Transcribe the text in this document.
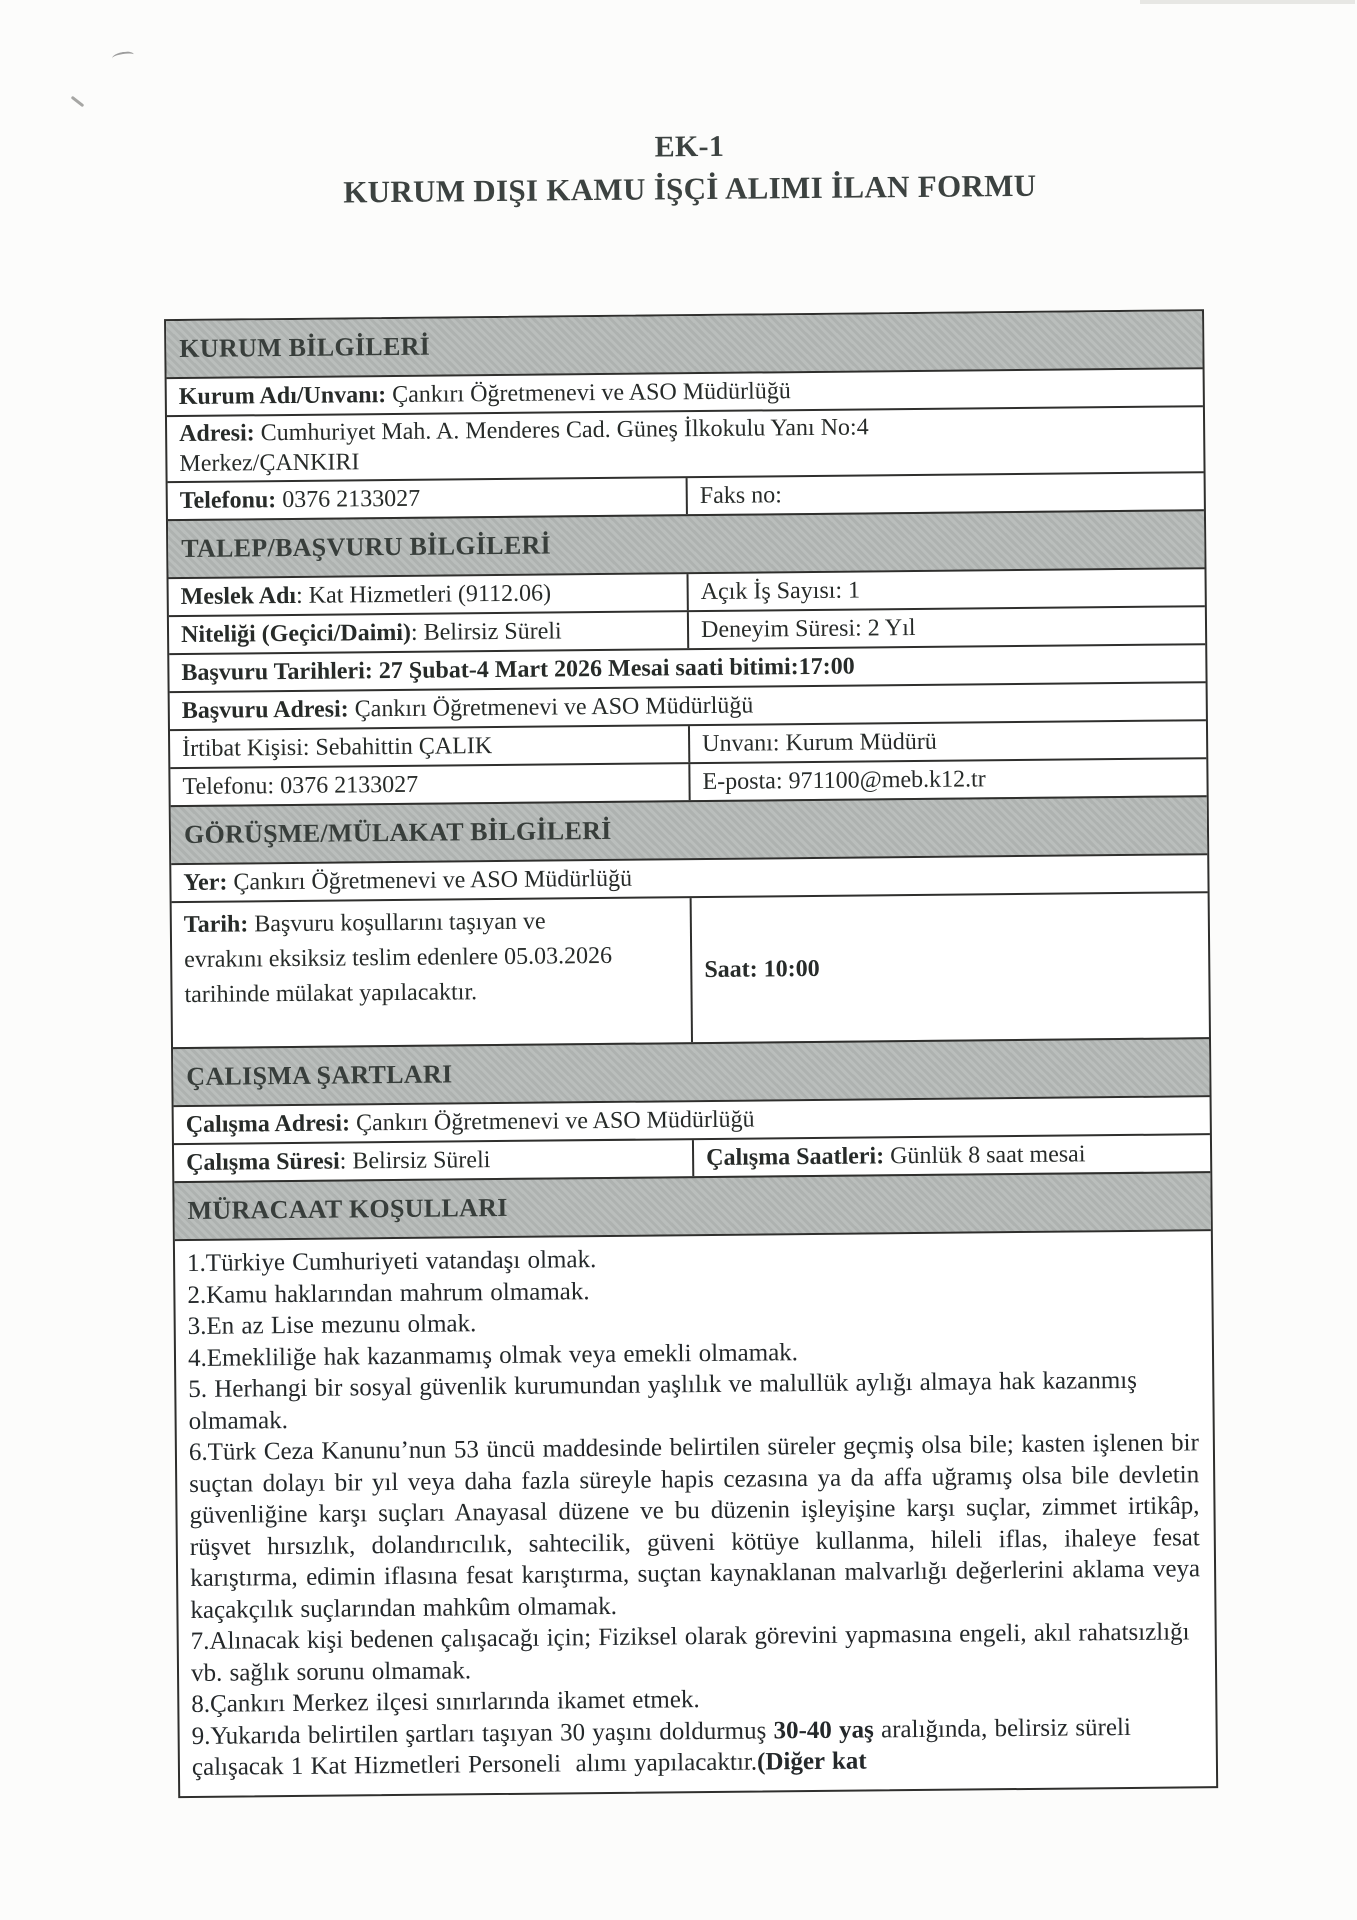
EK-1
KURUM DIŞI KAMU İŞÇİ ALIMI İLAN FORMU
KURUM BİLGİLERİ
Kurum Adı/Unvanı: Çankırı Öğretmenevi ve ASO Müdürlüğü
Adresi: Cumhuriyet Mah. A. Menderes Cad. Güneş İlkokulu Yanı No:4
Merkez/ÇANKIRI
Telefonu: 0376 2133027	Faks no:
TALEP/BAŞVURU BİLGİLERİ
Meslek Adı: Kat Hizmetleri (9112.06)	Açık İş Sayısı: 1
Niteliği (Geçici/Daimi): Belirsiz Süreli	Deneyim Süresi: 2 Yıl
Başvuru Tarihleri: 27 Şubat-4 Mart 2026 Mesai saati bitimi:17:00
Başvuru Adresi: Çankırı Öğretmenevi ve ASO Müdürlüğü
İrtibat Kişisi: Sebahittin ÇALIK	Unvanı: Kurum Müdürü
Telefonu: 0376 2133027	E-posta: 971100@meb.k12.tr
GÖRÜŞME/MÜLAKAT BİLGİLERİ
Yer: Çankırı Öğretmenevi ve ASO Müdürlüğü
Tarih: Başvuru koşullarını taşıyan ve evrakını eksiksiz teslim edenlere 05.03.2026 tarihinde mülakat yapılacaktır.
Saat: 10:00
ÇALIŞMA ŞARTLARI
Çalışma Adresi: Çankırı Öğretmenevi ve ASO Müdürlüğü
Çalışma Süresi: Belirsiz Süreli	Çalışma Saatleri: Günlük 8 saat mesai
MÜRACAAT KOŞULLARI

1.Türkiye Cumhuriyeti vatandaşı olmak.

2.Kamu haklarından mahrum olmamak.

3.En az Lise mezunu olmak.

4.Emekliliğe hak kazanmamış olmak veya emekli olmamak.

5. Herhangi bir sosyal güvenlik kurumundan yaşlılık ve malullük aylığı almaya hak kazanmış olmamak.

6.Türk Ceza Kanunu’nun 53 üncü maddesinde belirtilen süreler geçmiş olsa bile; kasten işlenen bir suçtan dolayı bir yıl veya daha fazla süreyle hapis cezasına ya da affa uğramış olsa bile devletin güvenliğine karşı suçları Anayasal düzene ve bu düzenin işleyişine karşı suçlar, zimmet irtikâp, rüşvet hırsızlık, dolandırıcılık, sahtecilik, güveni kötüye kullanma, hileli iflas, ihaleye fesat karıştırma, edimin iflasına fesat karıştırma, suçtan kaynaklanan malvarlığı değerlerini aklama veya kaçakçılık suçlarından mahkûm olmamak.

7.Alınacak kişi bedenen çalışacağı için; Fiziksel olarak görevini yapmasına engeli, akıl rahatsızlığı vb. sağlık sorunu olmamak.

8.Çankırı Merkez ilçesi sınırlarında ikamet etmek.

9.Yukarıda belirtilen şartları taşıyan 30 yaşını doldurmuş 30-40 yaş aralığında, belirsiz süreli  çalışacak 1 Kat Hizmetleri Personeli  alımı yapılacaktır.(Diğer kat
